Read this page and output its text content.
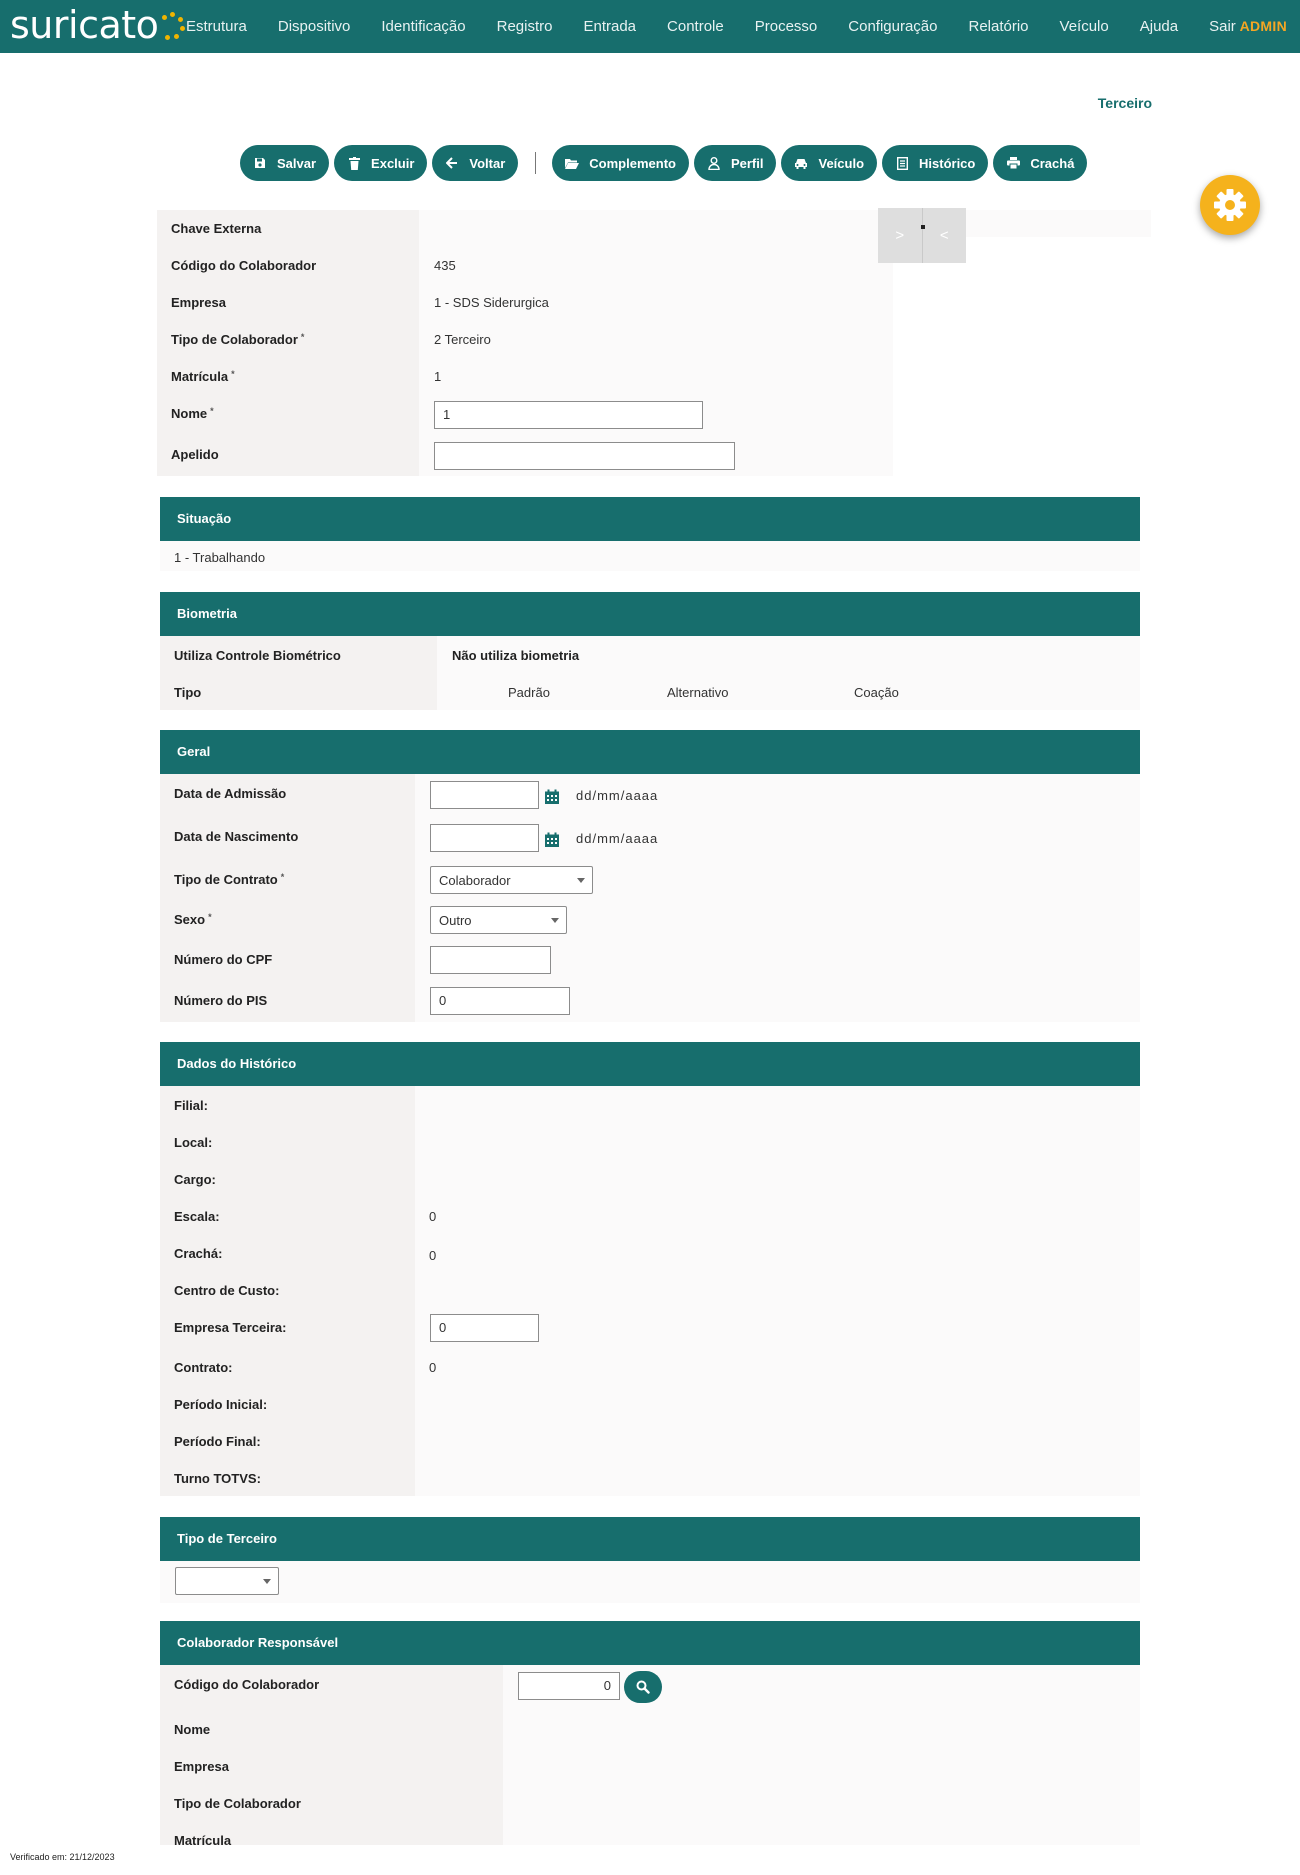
suricato Estrutura Dispositivo Identificação Registro Entrada Controle Processo Configuração Relatório Veículo Ajuda Sair ADMIN
Terceiro
Salvar	Excluir	Voltar	Complemento	Perfil	Veículo	Histórico	Crachá
>	<
Chave Externa
Código do Colaborador	435
Empresa	1 - SDS Siderurgica
Tipo de Colaborador *	2 Terceiro
Matrícula *	1
Nome *	1
Apelido
Situação
1 - Trabalhando
Biometria
Utiliza Controle Biométrico	Não utiliza biometria
Tipo	Padrão	Alternativo	Coação
Geral
Data de Admissão	dd/mm/aaaa
Data de Nascimento	dd/mm/aaaa
Tipo de Contrato *	Colaborador
Sexo *	Outro
Número do CPF
Número do PIS	0
Dados do Histórico
Filial:
Local:
Cargo:
Escala:	0
Crachá:	0
Centro de Custo:
Empresa Terceira:	0
Contrato:	0
Período Inicial:
Período Final:
Turno TOTVS:
Tipo de Terceiro
Colaborador Responsável
Código do Colaborador	0
Nome
Empresa
Tipo de Colaborador
Matrícula
Verificado em: 21/12/2023
